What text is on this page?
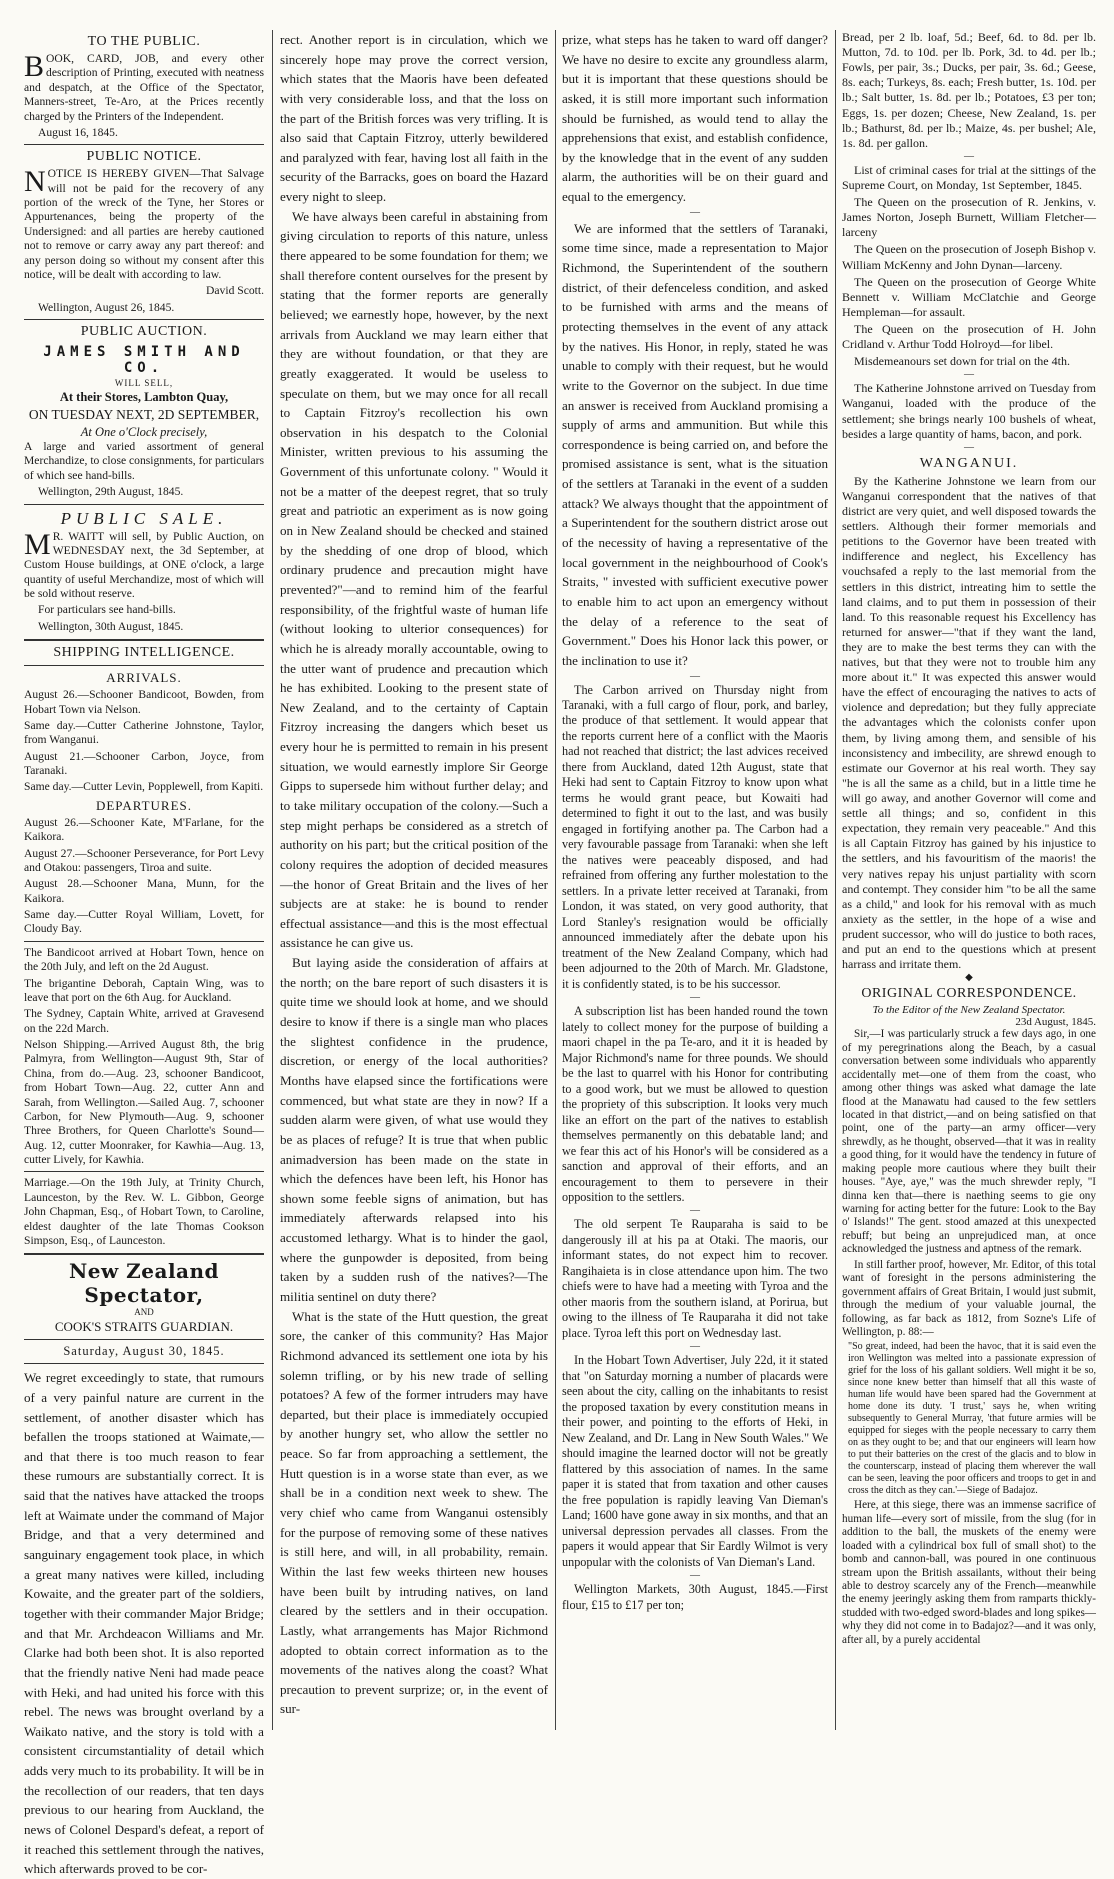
TO THE PUBLIC.
B OOK, CARD, JOB, and every other description of Printing, executed with neatness and despatch, at the Office of the Spectator, Manners-street, Te-Aro, at the Prices recently charged by the Printers of the Independent.
August 16, 1845.
PUBLIC NOTICE.
N OTICE IS HEREBY GIVEN—That Salvage will not be paid for the recovery of any portion of the wreck of the Tyne, her Stores or Appurtenances, being the property of the Undersigned: and all parties are hereby cautioned not to remove or carry away any part thereof: and any person doing so without my consent after this notice, will be dealt with according to law.
David Scott.
Wellington, August 26, 1845.
PUBLIC AUCTION.
JAMES SMITH AND CO.
WILL SELL,
At their Stores, Lambton Quay,
ON TUESDAY NEXT, 2D SEPTEMBER,
At One o'Clock precisely,
A large and varied assortment of general Merchandize, to close consignments, for particulars of which see hand-bills.
Wellington, 29th August, 1845.
PUBLIC SALE.
M R. WAITT will sell, by Public Auction, on WEDNESDAY next, the 3d September, at Custom House buildings, at ONE o'clock, a large quantity of useful Merchandize, most of which will be sold without reserve.
For particulars see hand-bills.
Wellington, 30th August, 1845.
SHIPPING INTELLIGENCE.
ARRIVALS.
August 26.—Schooner Bandicoot, Bowden, from Hobart Town via Nelson.
Same day.—Cutter Catherine Johnstone, Taylor, from Wanganui.
August 21.—Schooner Carbon, Joyce, from Taranaki.
Same day.—Cutter Levin, Popplewell, from Kapiti.
DEPARTURES.
August 26.—Schooner Kate, M'Farlane, for the Kaikora.
August 27.—Schooner Perseverance, for Port Levy and Otakou: passengers, Tiroa and suite.
August 28.—Schooner Mana, Munn, for the Kaikora.
Same day.—Cutter Royal William, Lovett, for Cloudy Bay.
The Bandicoot arrived at Hobart Town, hence on the 20th July, and left on the 2d August.
The brigantine Deborah, Captain Wing, was to leave that port on the 6th Aug. for Auckland.
The Sydney, Captain White, arrived at Gravesend on the 22d March.
Nelson Shipping.—Arrived August 8th, the brig Palmyra, from Wellington—August 9th, Star of China, from do.—Aug. 23, schooner Bandicoot, from Hobart Town—Aug. 22, cutter Ann and Sarah, from Wellington.—Sailed Aug. 7, schooner Carbon, for New Plymouth—Aug. 9, schooner Three Brothers, for Queen Charlotte's Sound—Aug. 12, cutter Moonraker, for Kawhia—Aug. 13, cutter Lively, for Kawhia.
Marriage.—On the 19th July, at Trinity Church, Launceston, by the Rev. W. L. Gibbon, George John Chapman, Esq., of Hobart Town, to Caroline, eldest daughter of the late Thomas Cookson Simpson, Esq., of Launceston.
New Zealand Spectator,
AND
COOK'S STRAITS GUARDIAN.
Saturday, August 30, 1845.
We regret exceedingly to state, that rumours of a very painful nature are current in the settlement, of another disaster which has befallen the troops stationed at Waimate,—and that there is too much reason to fear these rumours are substantially correct. It is said that the natives have attacked the troops left at Waimate under the command of Major Bridge, and that a very determined and sanguinary engagement took place, in which a great many natives were killed, including Kowaite, and the greater part of the soldiers, together with their commander Major Bridge; and that Mr. Archdeacon Williams and Mr. Clarke had both been shot. It is also reported that the friendly native Neni had made peace with Heki, and had united his force with this rebel. The news was brought overland by a Waikato native, and the story is told with a consistent circumstantiality of detail which adds very much to its probability. It will be in the recollection of our readers, that ten days previous to our hearing from Auckland, the news of Colonel Despard's defeat, a report of it reached this settlement through the natives, which afterwards proved to be cor-
rect. Another report is in circulation, which we sincerely hope may prove the correct version, which states that the Maoris have been defeated with very considerable loss, and that the loss on the part of the British forces was very trifling. It is also said that Captain Fitzroy, utterly bewildered and paralyzed with fear, having lost all faith in the security of the Barracks, goes on board the Hazard every night to sleep.
We have always been careful in abstaining from giving circulation to reports of this nature, unless there appeared to be some foundation for them; we shall therefore content ourselves for the present by stating that the former reports are generally believed; we earnestly hope, however, by the next arrivals from Auckland we may learn either that they are without foundation, or that they are greatly exaggerated. It would be useless to speculate on them, but we may once for all recall to Captain Fitzroy's recollection his own observation in his despatch to the Colonial Minister, written previous to his assuming the Government of this unfortunate colony. " Would it not be a matter of the deepest regret, that so truly great and patriotic an experiment as is now going on in New Zealand should be checked and stained by the shedding of one drop of blood, which ordinary prudence and precaution might have prevented?"—and to remind him of the fearful responsibility, of the frightful waste of human life (without looking to ulterior consequences) for which he is already morally accountable, owing to the utter want of prudence and precaution which he has exhibited. Looking to the present state of New Zealand, and to the certainty of Captain Fitzroy increasing the dangers which beset us every hour he is permitted to remain in his present situation, we would earnestly implore Sir George Gipps to supersede him without further delay; and to take military occupation of the colony.—Such a step might perhaps be considered as a stretch of authority on his part; but the critical position of the colony requires the adoption of decided measures—the honor of Great Britain and the lives of her subjects are at stake: he is bound to render effectual assistance—and this is the most effectual assistance he can give us.
But laying aside the consideration of affairs at the north; on the bare report of such disasters it is quite time we should look at home, and we should desire to know if there is a single man who places the slightest confidence in the prudence, discretion, or energy of the local authorities? Months have elapsed since the fortifications were commenced, but what state are they in now? If a sudden alarm were given, of what use would they be as places of refuge? It is true that when public animadversion has been made on the state in which the defences have been left, his Honor has shown some feeble signs of animation, but has immediately afterwards relapsed into his accustomed lethargy. What is to hinder the gaol, where the gunpowder is deposited, from being taken by a sudden rush of the natives?—The militia sentinel on duty there?
What is the state of the Hutt question, the great sore, the canker of this community? Has Major Richmond advanced its settlement one iota by his solemn trifling, or by his new trade of selling potatoes? A few of the former intruders may have departed, but their place is immediately occupied by another hungry set, who allow the settler no peace. So far from approaching a settlement, the Hutt question is in a worse state than ever, as we shall be in a condition next week to shew. The very chief who came from Wanganui ostensibly for the purpose of removing some of these natives is still here, and will, in all probability, remain. Within the last few weeks thirteen new houses have been built by intruding natives, on land cleared by the settlers and in their occupation. Lastly, what arrangements has Major Richmond adopted to obtain correct information as to the movements of the natives along the coast? What precaution to prevent surprize; or, in the event of sur-
prize, what steps has he taken to ward off danger? We have no desire to excite any groundless alarm, but it is important that these questions should be asked, it is still more important such information should be furnished, as would tend to allay the apprehensions that exist, and establish confidence, by the knowledge that in the event of any sudden alarm, the authorities will be on their guard and equal to the emergency.
—
We are informed that the settlers of Taranaki, some time since, made a representation to Major Richmond, the Superintendent of the southern district, of their defenceless condition, and asked to be furnished with arms and the means of protecting themselves in the event of any attack by the natives. His Honor, in reply, stated he was unable to comply with their request, but he would write to the Governor on the subject. In due time an answer is received from Auckland promising a supply of arms and ammunition. But while this correspondence is being carried on, and before the promised assistance is sent, what is the situation of the settlers at Taranaki in the event of a sudden attack? We always thought that the appointment of a Superintendent for the southern district arose out of the necessity of having a representative of the local government in the neighbourhood of Cook's Straits, " invested with sufficient executive power to enable him to act upon an emergency without the delay of a reference to the seat of Government." Does his Honor lack this power, or the inclination to use it?
—
The Carbon arrived on Thursday night from Taranaki, with a full cargo of flour, pork, and barley, the produce of that settlement. It would appear that the reports current here of a conflict with the Maoris had not reached that district; the last advices received there from Auckland, dated 12th August, state that Heki had sent to Captain Fitzroy to know upon what terms he would grant peace, but Kowaiti had determined to fight it out to the last, and was busily engaged in fortifying another pa. The Carbon had a very favourable passage from Taranaki: when she left the natives were peaceably disposed, and had refrained from offering any further molestation to the settlers. In a private letter received at Taranaki, from London, it was stated, on very good authority, that Lord Stanley's resignation would be officially announced immediately after the debate upon his treatment of the New Zealand Company, which had been adjourned to the 20th of March. Mr. Gladstone, it is confidently stated, is to be his successor.
—
A subscription list has been handed round the town lately to collect money for the purpose of building a maori chapel in the pa Te-aro, and it it is headed by Major Richmond's name for three pounds. We should be the last to quarrel with his Honor for contributing to a good work, but we must be allowed to question the propriety of this subscription. It looks very much like an effort on the part of the natives to establish themselves permanently on this debatable land; and we fear this act of his Honor's will be considered as a sanction and approval of their efforts, and an encouragement to them to persevere in their opposition to the settlers.
—
The old serpent Te Rauparaha is said to be dangerously ill at his pa at Otaki. The maoris, our informant states, do not expect him to recover. Rangihaieta is in close attendance upon him. The two chiefs were to have had a meeting with Tyroa and the other maoris from the southern island, at Porirua, but owing to the illness of Te Rauparaha it did not take place. Tyroa left this port on Wednesday last.
—
In the Hobart Town Advertiser, July 22d, it it stated that "on Saturday morning a number of placards were seen about the city, calling on the inhabitants to resist the proposed taxation by every constitution means in their power, and pointing to the efforts of Heki, in New Zealand, and Dr. Lang in New South Wales." We should imagine the learned doctor will not be greatly flattered by this association of names. In the same paper it is stated that from taxation and other causes the free population is rapidly leaving Van Dieman's Land; 1600 have gone away in six months, and that an universal depression pervades all classes. From the papers it would appear that Sir Eardly Wilmot is very unpopular with the colonists of Van Dieman's Land.
—
Wellington Markets, 30th August, 1845.—First flour, £15 to £17 per ton;
Bread, per 2 lb. loaf, 5d.; Beef, 6d. to 8d. per lb. Mutton, 7d. to 10d. per lb. Pork, 3d. to 4d. per lb.; Fowls, per pair, 3s.; Ducks, per pair, 3s. 6d.; Geese, 8s. each; Turkeys, 8s. each; Fresh butter, 1s. 10d. per lb.; Salt butter, 1s. 8d. per lb.; Potatoes, £3 per ton; Eggs, 1s. per dozen; Cheese, New Zealand, 1s. per lb.; Bathurst, 8d. per lb.; Maize, 4s. per bushel; Ale, 1s. 8d. per gallon.
—
List of criminal cases for trial at the sittings of the Supreme Court, on Monday, 1st September, 1845.
The Queen on the prosecution of R. Jenkins, v. James Norton, Joseph Burnett, William Fletcher—larceny
The Queen on the prosecution of Joseph Bishop v. William McKenny and John Dynan—larceny.
The Queen on the prosecution of George White Bennett v. William McClatchie and George Hempleman—for assault.
The Queen on the prosecution of H. John Cridland v. Arthur Todd Holroyd—for libel.
Misdemeanours set down for trial on the 4th.
—
The Katherine Johnstone arrived on Tuesday from Wanganui, loaded with the produce of the settlement; she brings nearly 100 bushels of wheat, besides a large quantity of hams, bacon, and pork.
—
WANGANUI.
By the Katherine Johnstone we learn from our Wanganui correspondent that the natives of that district are very quiet, and well disposed towards the settlers. Although their former memorials and petitions to the Governor have been treated with indifference and neglect, his Excellency has vouchsafed a reply to the last memorial from the settlers in this district, intreating him to settle the land claims, and to put them in possession of their land. To this reasonable request his Excellency has returned for answer—"that if they want the land, they are to make the best terms they can with the natives, but that they were not to trouble him any more about it." It was expected this answer would have the effect of encouraging the natives to acts of violence and depredation; but they fully appreciate the advantages which the colonists confer upon them, by living among them, and sensible of his inconsistency and imbecility, are shrewd enough to estimate our Governor at his real worth. They say "he is all the same as a child, but in a little time he will go away, and another Governor will come and settle all things; and so, confident in this expectation, they remain very peaceable." And this is all Captain Fitzroy has gained by his injustice to the settlers, and his favouritism of the maoris! the very natives repay his unjust partiality with scorn and contempt. They consider him "to be all the same as a child," and look for his removal with as much anxiety as the settler, in the hope of a wise and prudent successor, who will do justice to both races, and put an end to the questions which at present harrass and irritate them.
◆
ORIGINAL CORRESPONDENCE.
To the Editor of the New Zealand Spectator.
23d August, 1845.
Sir,—I was particularly struck a few days ago, in one of my peregrinations along the Beach, by a casual conversation between some individuals who apparently accidentally met—one of them from the coast, who among other things was asked what damage the late flood at the Manawatu had caused to the few settlers located in that district,—and on being satisfied on that point, one of the party—an army officer—very shrewdly, as he thought, observed—that it was in reality a good thing, for it would have the tendency in future of making people more cautious where they built their houses. "Aye, aye," was the much shrewder reply, "I dinna ken that—there is naething seems to gie ony warning for acting better for the future: Look to the Bay o' Islands!" The gent. stood amazed at this unexpected rebuff; but being an unprejudiced man, at once acknowledged the justness and aptness of the remark.
In still farther proof, however, Mr. Editor, of this total want of foresight in the persons administering the government affairs of Great Britain, I would just submit, through the medium of your valuable journal, the following, as far back as 1812, from Sozne's Life of Wellington, p. 88:—
"So great, indeed, had been the havoc, that it is said even the iron Wellington was melted into a passionate expression of grief for the loss of his gallant soldiers. Well might it be so, since none knew better than himself that all this waste of human life would have been spared had the Government at home done its duty. 'I trust,' says he, when writing subsequently to General Murray, 'that future armies will be equipped for sieges with the people necessary to carry them on as they ought to be; and that our engineers will learn how to put their batteries on the crest of the glacis and to blow in the counterscarp, instead of placing them wherever the wall can be seen, leaving the poor officers and troops to get in and cross the ditch as they can.'—Siege of Badajoz.
Here, at this siege, there was an immense sacrifice of human life—every sort of missile, from the slug (for in addition to the ball, the muskets of the enemy were loaded with a cylindrical box full of small shot) to the bomb and cannon-ball, was poured in one continuous stream upon the British assailants, without their being able to destroy scarcely any of the French—meanwhile the enemy jeeringly asking them from ramparts thickly-studded with two-edged sword-blades and long spikes—why they did not come in to Badajoz?—and it was only, after all, by a purely accidental
